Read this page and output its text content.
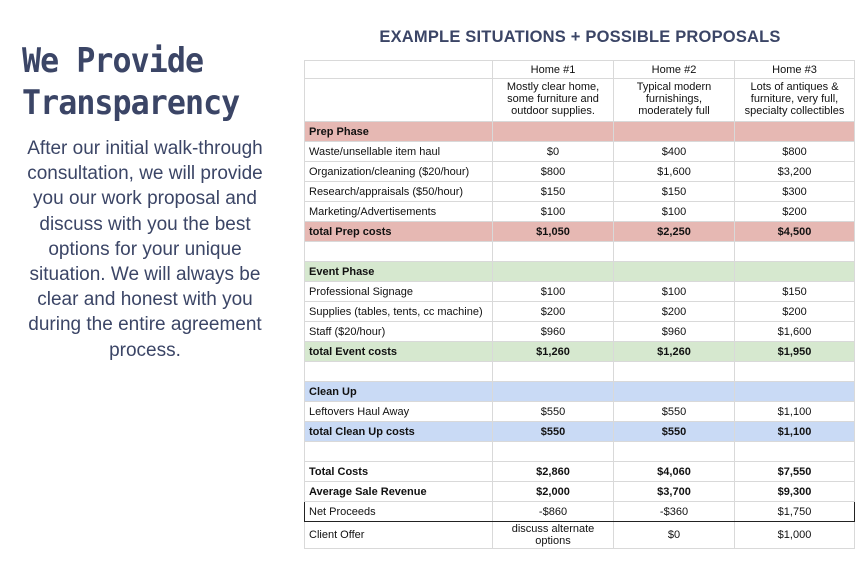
We Provide
Transparency
After our initial walk-through consultation, we will provide you our work proposal and discuss with you the best options for your unique situation. We will always be clear and honest with you during the entire agreement process.
EXAMPLE SITUATIONS + POSSIBLE PROPOSALS
	Home #1	Home #2	Home #3
	Mostly clear home, some furniture and outdoor supplies.	Typical modern furnishings, moderately full	Lots of antiques & furniture, very full, specialty collectibles
Prep Phase			
Waste/unsellable item haul	$0	$400	$800
Organization/cleaning ($20/hour)	$800	$1,600	$3,200
Research/appraisals ($50/hour)	$150	$150	$300
Marketing/Advertisements	$100	$100	$200
total Prep costs	$1,050	$2,250	$4,500

Event Phase			
Professional Signage	$100	$100	$150
Supplies (tables, tents, cc machine)	$200	$200	$200
Staff ($20/hour)	$960	$960	$1,600
total Event costs	$1,260	$1,260	$1,950

Clean Up			
Leftovers Haul Away	$550	$550	$1,100
total Clean Up costs	$550	$550	$1,100

Total Costs	$2,860	$4,060	$7,550
Average Sale Revenue	$2,000	$3,700	$9,300
Net Proceeds	-$860	-$360	$1,750
Client Offer	discuss alternate options	$0	$1,000
